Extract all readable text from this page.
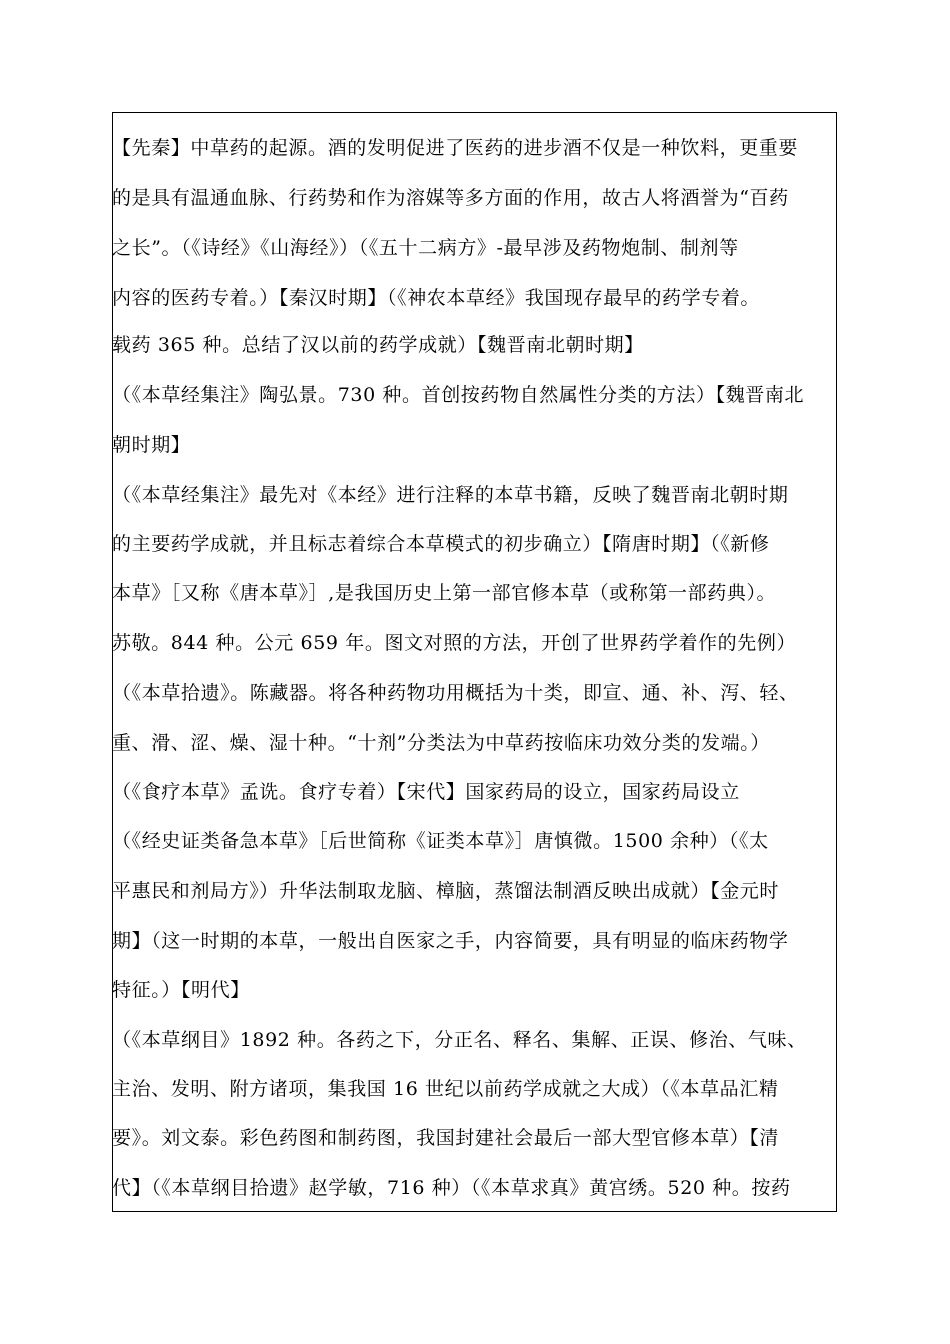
【先秦】中草药的起源。酒的发明促进了医药的进步酒不仅是一种饮料，更重要
的是具有温通血脉、行药势和作为溶媒等多方面的作用，故古人将酒誉为“百药
之长”。（《诗经》《山海经》）（《五十二病方》-最早涉及药物炮制、制剂等
内容的医药专着。）【秦汉时期】（《神农本草经》我国现存最早的药学专着。
载药 365 种。总结了汉以前的药学成就）【魏晋南北朝时期】
（《本草经集注》陶弘景。730 种。首创按药物自然属性分类的方法）【魏晋南北
朝时期】
（《本草经集注》最先对《本经》进行注释的本草书籍，反映了魏晋南北朝时期
的主要药学成就，并且标志着综合本草模式的初步确立）【隋唐时期】（《新修
本草》［又称《唐本草》］,是我国历史上第一部官修本草（或称第一部药典）。
苏敬。844 种。公元 659 年。图文对照的方法，开创了世界药学着作的先例）
（《本草拾遗》。陈藏器。将各种药物功用概括为十类，即宣、通、补、泻、轻、
重、滑、涩、燥、湿十种。“十剂”分类法为中草药按临床功效分类的发端。）
（《食疗本草》孟诜。食疗专着）【宋代】国家药局的设立，国家药局设立
（《经史证类备急本草》［后世简称《证类本草》］唐慎微。1500 余种）（《太
平惠民和剂局方》）升华法制取龙脑、樟脑，蒸馏法制酒反映出成就）【金元时
期】（这一时期的本草，一般出自医家之手，内容简要，具有明显的临床药物学
特征。）【明代】
（《本草纲目》1892 种。各药之下，分正名、释名、集解、正误、修治、气味、
主治、发明、附方诸项，集我国 16 世纪以前药学成就之大成）（《本草品汇精
要》。刘文泰。彩色药图和制药图，我国封建社会最后一部大型官修本草）【清
代】（《本草纲目拾遗》赵学敏，716 种）（《本草求真》黄宫绣。520 种。按药
